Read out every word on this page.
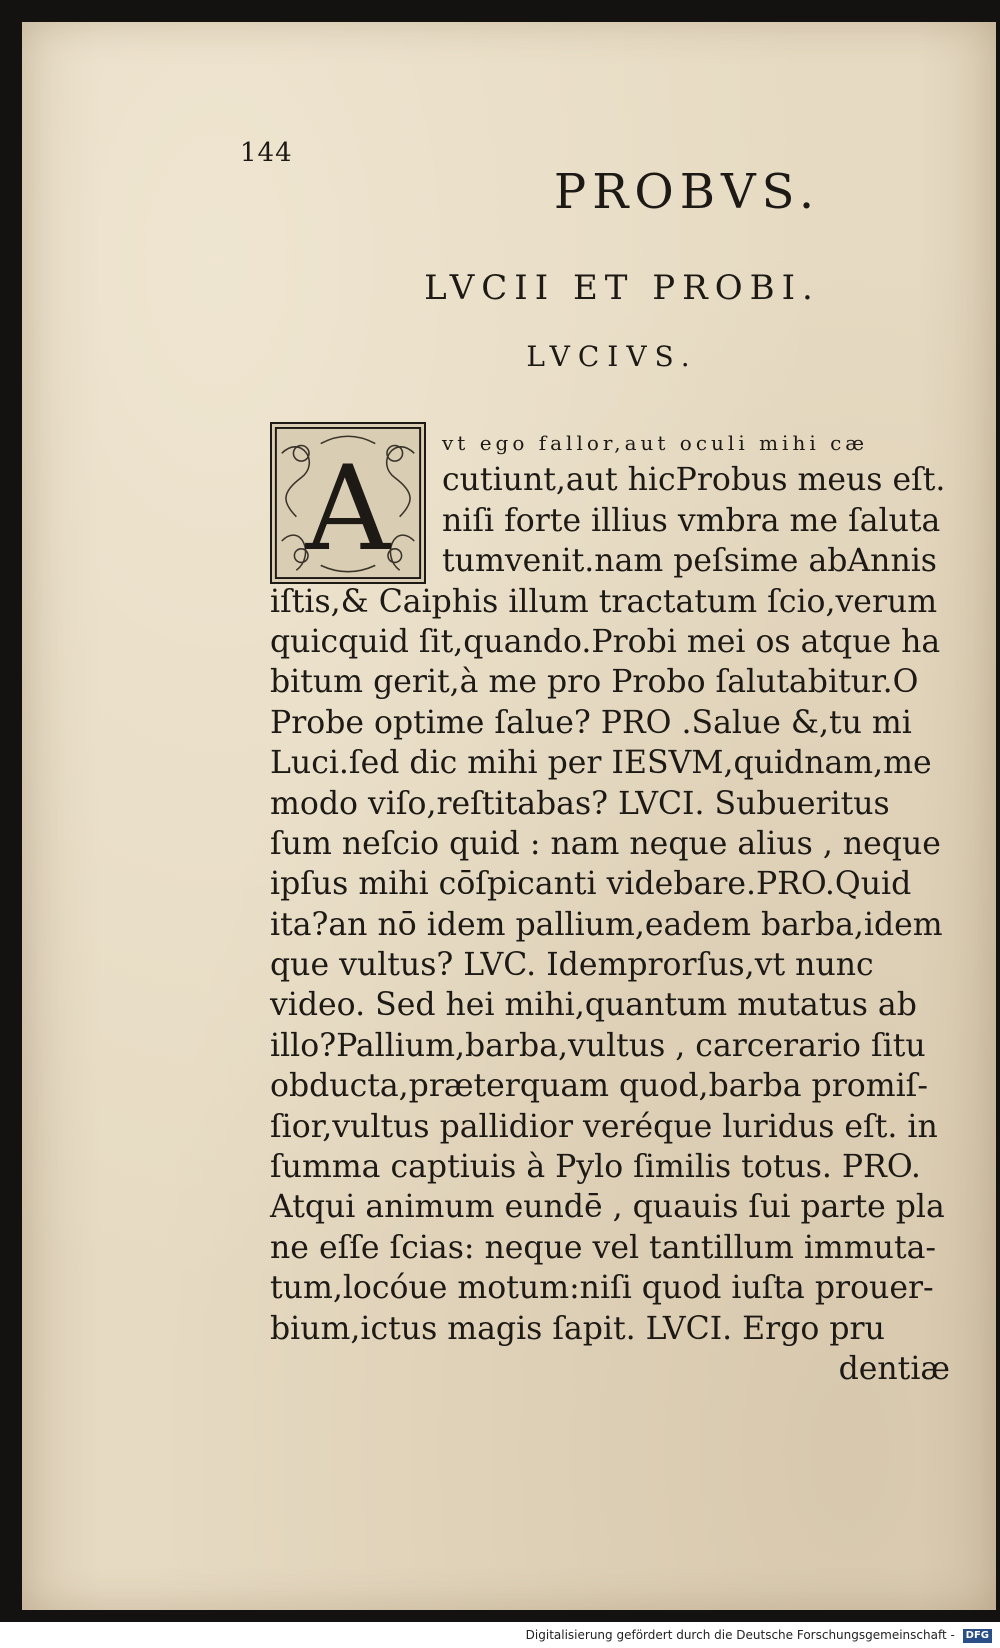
144
PROBVS.
LVCII ET PROBI.
LVCIVS.
A	vt ego fallor,aut oculi mihi cæ
cutiunt,aut hicProbus meus eſt.
niſi forte illius vmbra me ſaluta
tumvenit.nam peſsime abAnnis
iſtis,& Caiphis illum tractatum ſcio,verum
quicquid ſit,quando.Probi mei os atque ha
bitum gerit,à me pro Probo ſalutabitur.O
Probe optime ſalue? PRO .Salue &,tu mi
Luci.ſed dic mihi per IESVM,quidnam,me
modo viſo,reſtitabas? LVCI. Subueritus
ſum neſcio quid : nam neque alius , neque
ipſus mihi cōſpicanti videbare.PRO.Quid
ita?an nō idem pallium,eadem barba,idem
que vultus? LVC. Idemprorſus,vt nunc
video. Sed hei mihi,quantum mutatus ab
illo?Pallium,barba,vultus , carcerario ſitu
obducta,præterquam quod,barba promiſ-
ſior,vultus pallidior veréque luridus eſt. in
ſumma captiuis à Pylo ſimilis totus. PRO.
Atqui animum eundē , quauis ſui parte pla
ne eſſe ſcias: neque vel tantillum immuta-
tum,locóue motum:niſi quod iuſta prouer-
bium,ictus magis ſapit. LVCI. Ergo pru
dentiæ
Digitalisierung gefördert durch die Deutsche Forschungsgemeinschaft - DFG
